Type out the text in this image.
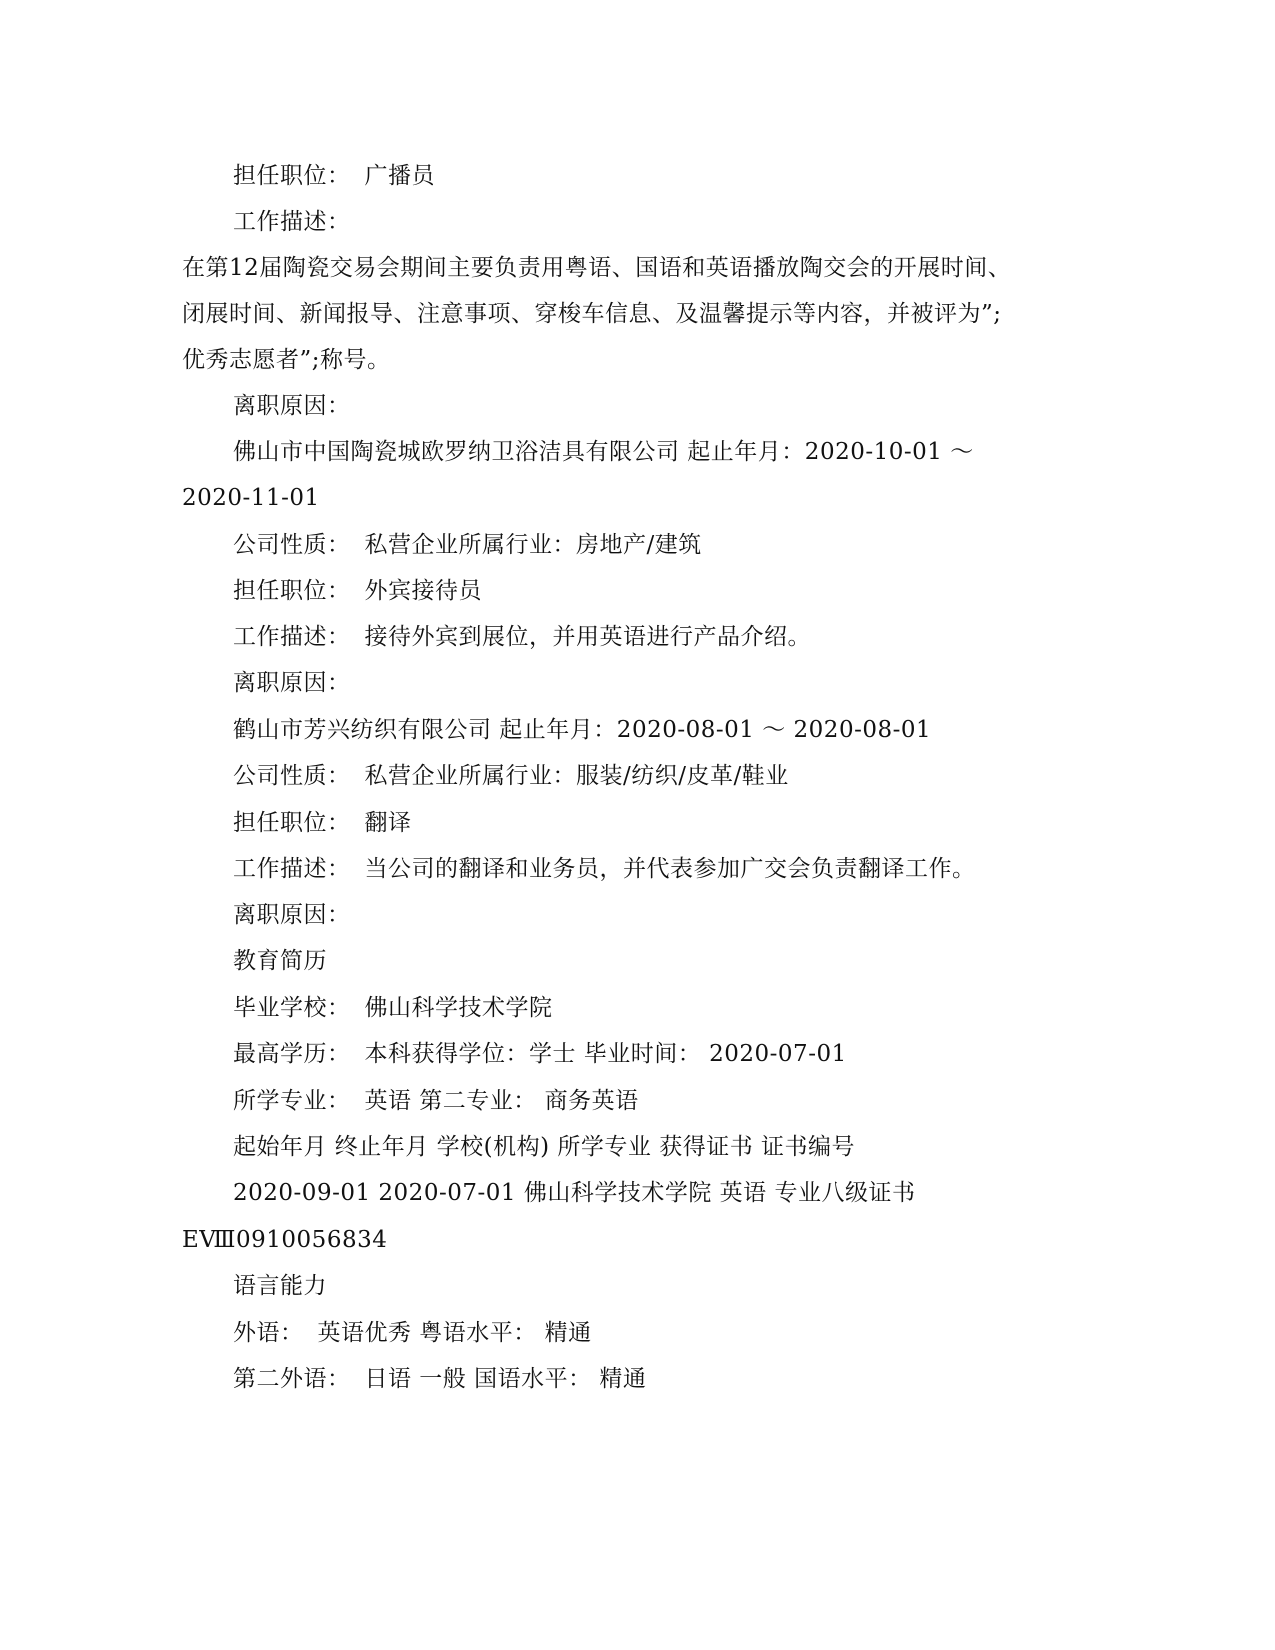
担任职位： 广播员
工作描述：
在第12届陶瓷交易会期间主要负责用粤语、国语和英语播放陶交会的开展时间、
闭展时间、新闻报导、注意事项、穿梭车信息、及温馨提示等内容，并被评为”;
优秀志愿者”;称号。
离职原因：
佛山市中国陶瓷城欧罗纳卫浴洁具有限公司 起止年月：2020-10-01 ～
2020-11-01
公司性质： 私营企业所属行业：房地产/建筑
担任职位： 外宾接待员
工作描述： 接待外宾到展位，并用英语进行产品介绍。
离职原因：
鹤山市芳兴纺织有限公司 起止年月：2020-08-01 ～ 2020-08-01
公司性质： 私营企业所属行业：服装/纺织/皮革/鞋业
担任职位： 翻译
工作描述： 当公司的翻译和业务员，并代表参加广交会负责翻译工作。
离职原因：
教育简历
毕业学校： 佛山科学技术学院
最高学历： 本科获得学位：学士 毕业时间： 2020-07-01
所学专业： 英语 第二专业： 商务英语
起始年月 终止年月 学校(机构) 所学专业 获得证书 证书编号
2020-09-01 2020-07-01 佛山科学技术学院 英语 专业八级证书
EⅧ0910056834
语言能力
外语： 英语优秀 粤语水平： 精通
第二外语： 日语 一般 国语水平： 精通
